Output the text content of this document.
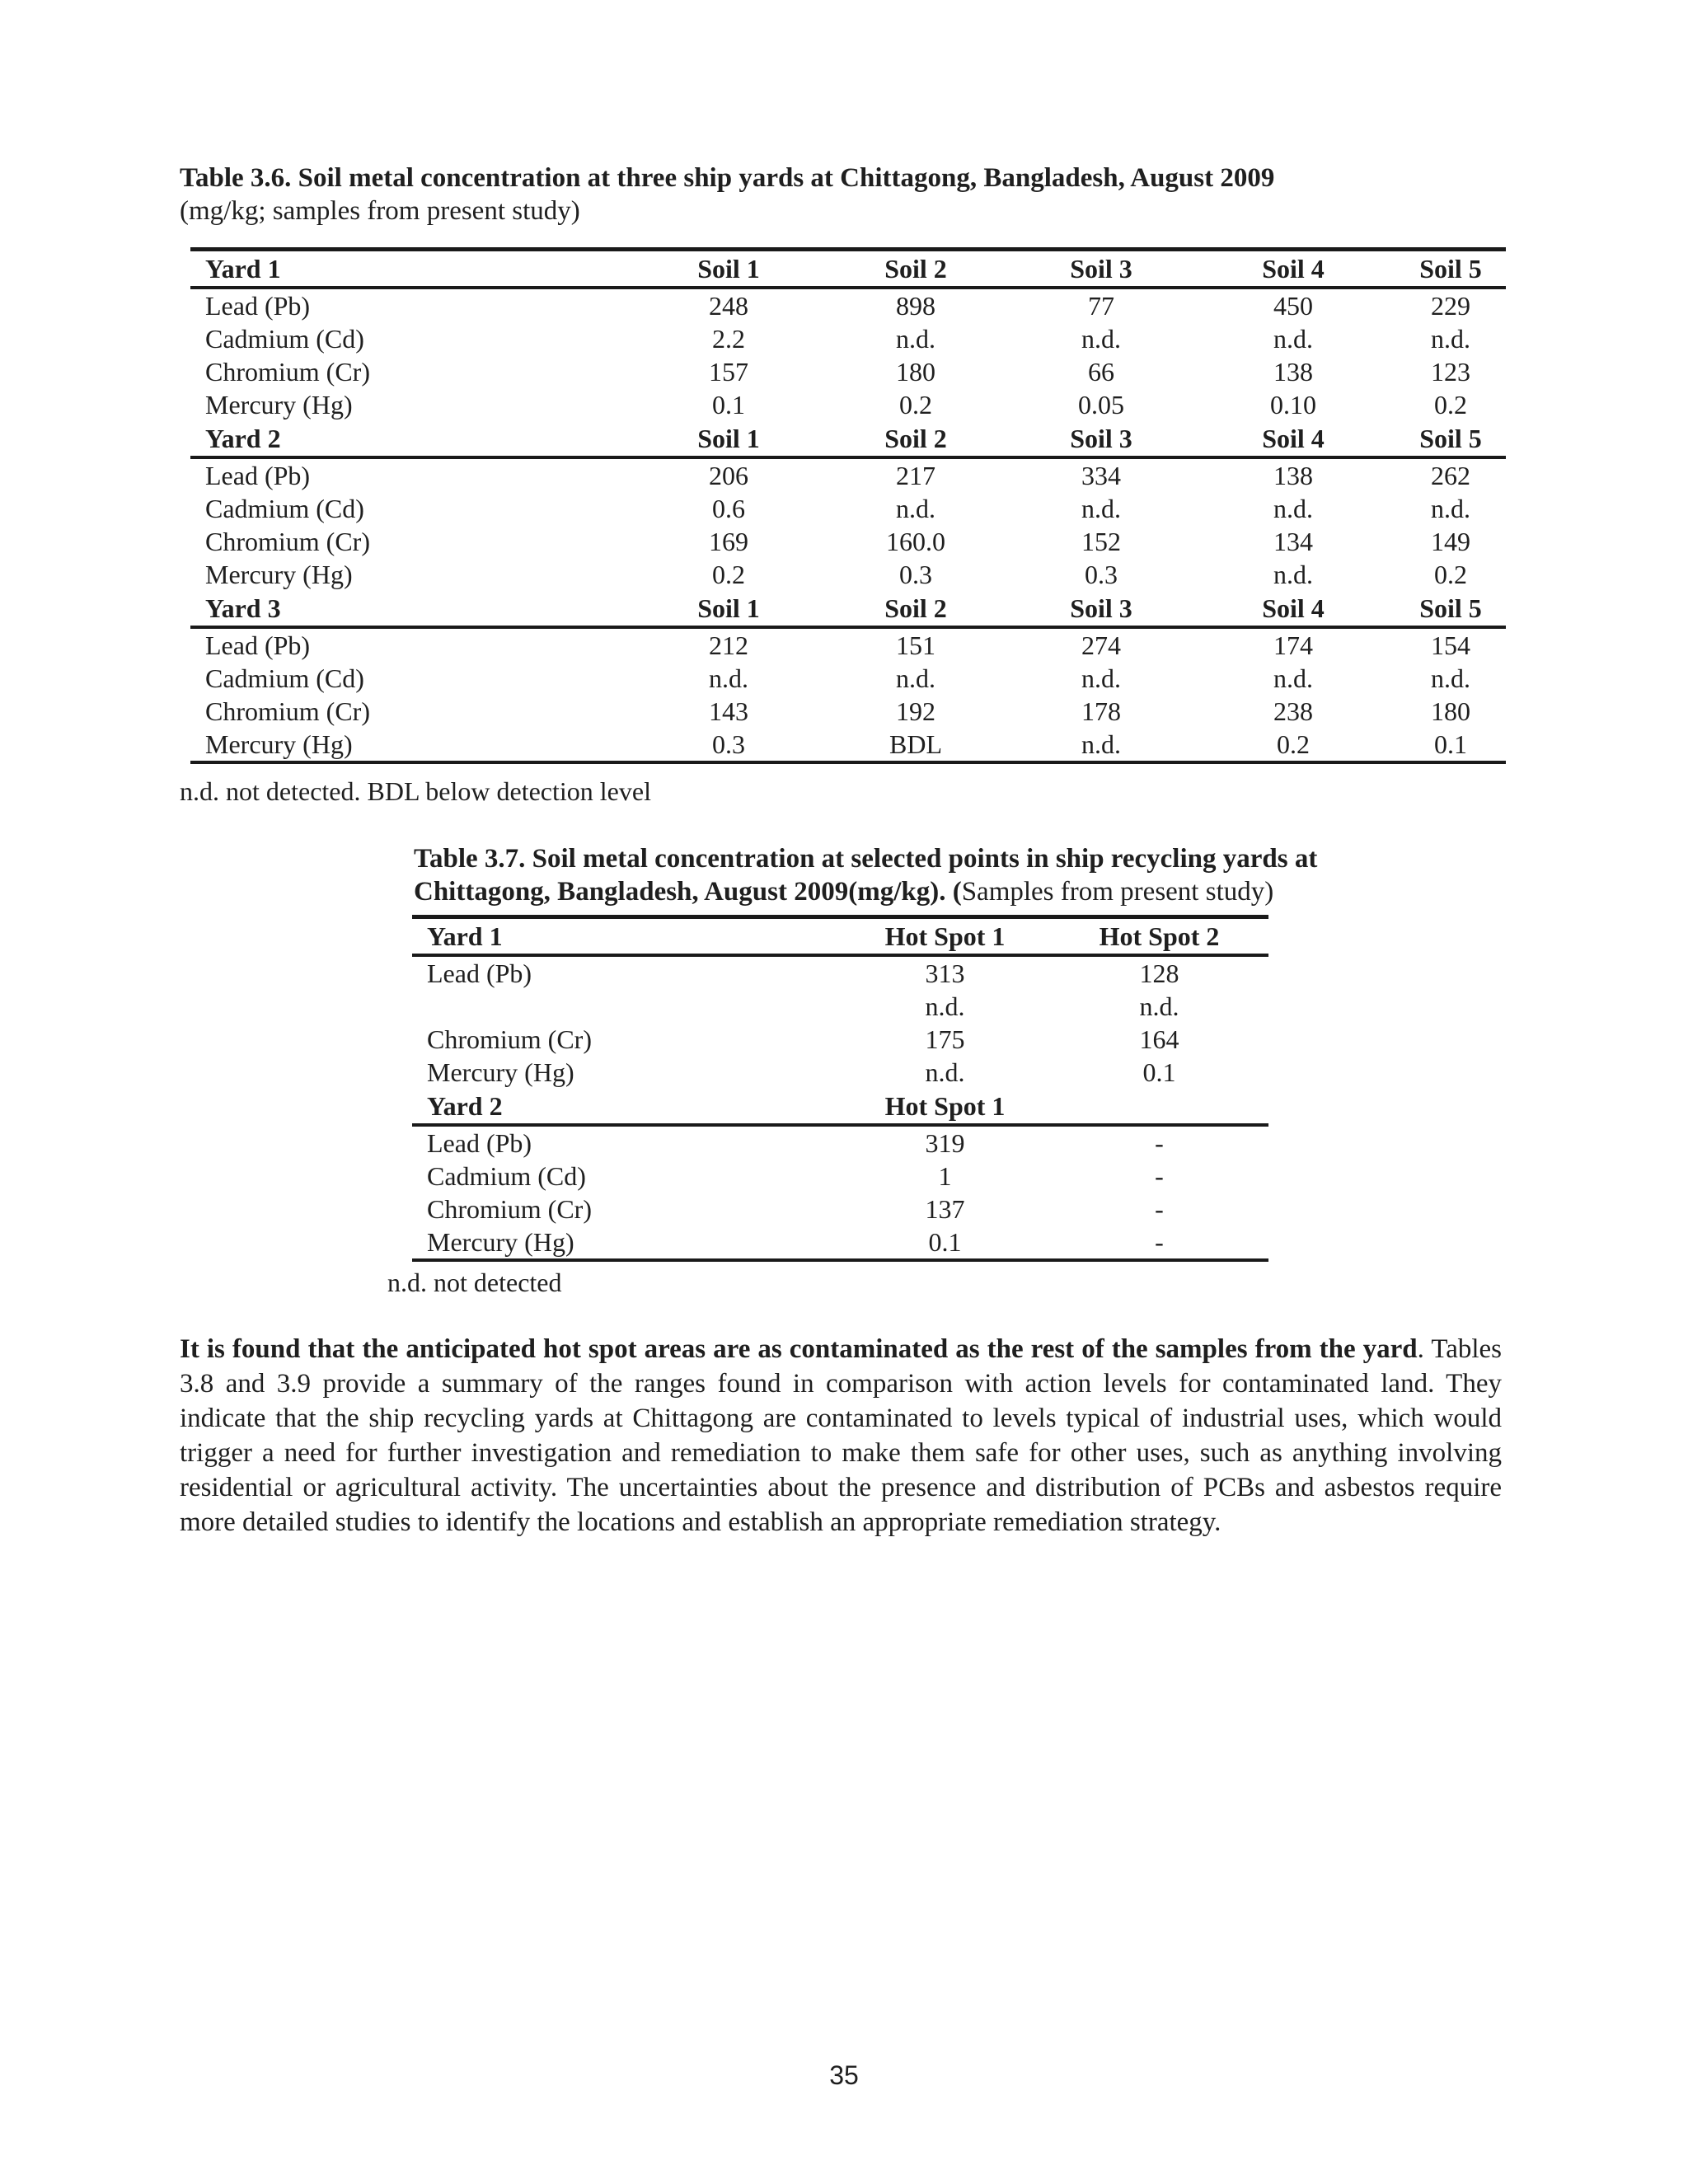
Table 3.6. Soil metal concentration at three ship yards at Chittagong, Bangladesh, August 2009
(mg/kg; samples from present study)
Yard 1	Soil 1	Soil 2	Soil 3	Soil 4	Soil 5	
Lead (Pb)	248	898	77	450	229	
Cadmium (Cd)	2.2	n.d.	n.d.	n.d.	n.d.	
Chromium (Cr)	157	180	66	138	123	
Mercury (Hg)	0.1	0.2	0.05	0.10	0.2	
Yard 2	Soil 1	Soil 2	Soil 3	Soil 4	Soil 5	
Lead (Pb)	206	217	334	138	262	
Cadmium (Cd)	0.6	n.d.	n.d.	n.d.	n.d.	
Chromium (Cr)	169	160.0	152	134	149	
Mercury (Hg)	0.2	0.3	0.3	n.d.	0.2	
Yard 3	Soil 1	Soil 2	Soil 3	Soil 4	Soil 5	
Lead (Pb)	212	151	274	174	154	
Cadmium (Cd)	n.d.	n.d.	n.d.	n.d.	n.d.	
Chromium (Cr)	143	192	178	238	180	
Mercury (Hg)	0.3	BDL	n.d.	0.2	0.1	
n.d. not detected. BDL below detection level
Table 3.7. Soil metal concentration at selected points in ship recycling yards at
Chittagong, Bangladesh, August 2009(mg/kg). (Samples from present study)
Yard 1	Hot Spot 1	Hot Spot 2
Lead (Pb)	313	128
	n.d.	n.d.
Chromium (Cr)	175	164
Mercury (Hg)	n.d.	0.1
Yard 2	Hot Spot 1	
Lead (Pb)	319	-
Cadmium (Cd)	1	-
Chromium (Cr)	137	-
Mercury (Hg)	0.1	-
n.d. not detected
It is found that the anticipated hot spot areas are as contaminated as the rest of the samples from the yard. Tables 3.8 and 3.9 provide a summary of the ranges found in comparison with action levels for contaminated land. They indicate that the ship recycling yards at Chittagong are contaminated to levels typical of industrial uses, which would trigger a need for further investigation and remediation to make them safe for other uses, such as anything involving residential or agricultural activity. The uncertainties about the presence and distribution of PCBs and asbestos require more detailed studies to identify the locations and establish an appropriate remediation strategy.
35
